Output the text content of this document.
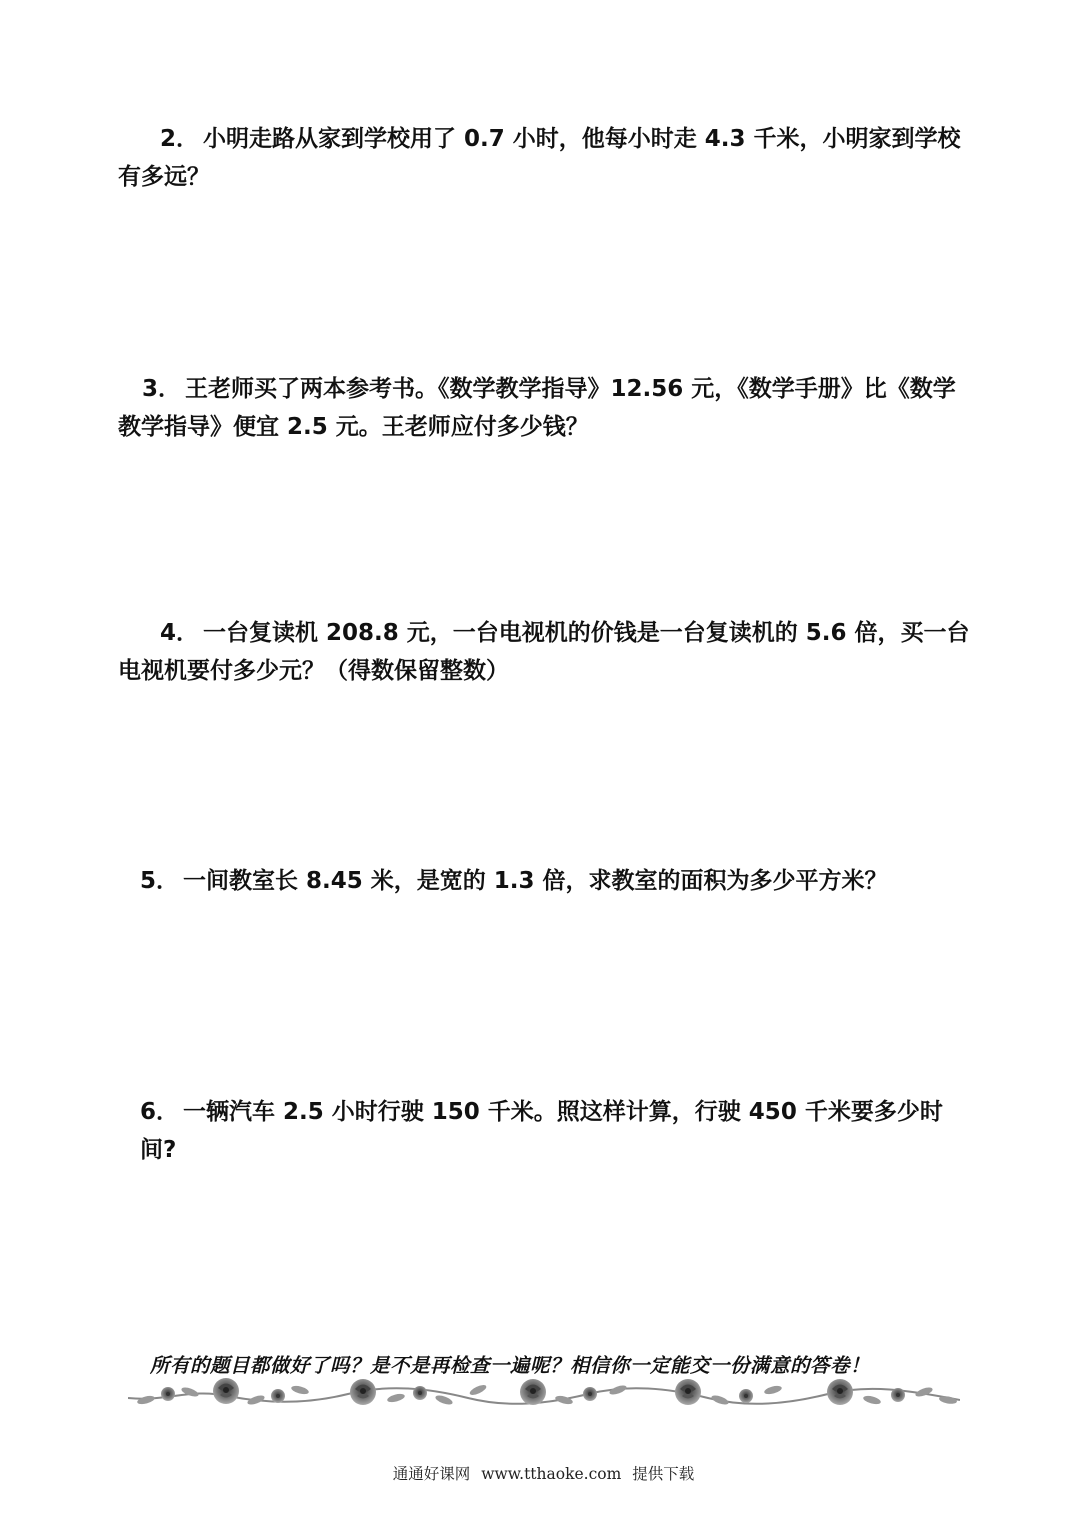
2． 小明走路从家到学校用了 0.7 小时，他每小时走 4.3 千米，小明家到学校有多远？

3． 王老师买了两本参考书。《数学教学指导》12.56 元，《数学手册》比《数学教学指导》便宜 2.5 元。王老师应付多少钱？

4． 一台复读机 208.8 元，一台电视机的价钱是一台复读机的 5.6 倍，买一台电视机要付多少元？（得数保留整数）

5． 一间教室长 8.45 米，是宽的 1.3 倍，求教室的面积为多少平方米？

6． 一辆汽车 2.5 小时行驶 150 千米。照这样计算，行驶 450 千米要多少时间?

所有的题目都做好了吗？是不是再检查一遍呢？相信你一定能交一份满意的答卷！
通通好课网 www.tthaoke.com 提供下载
